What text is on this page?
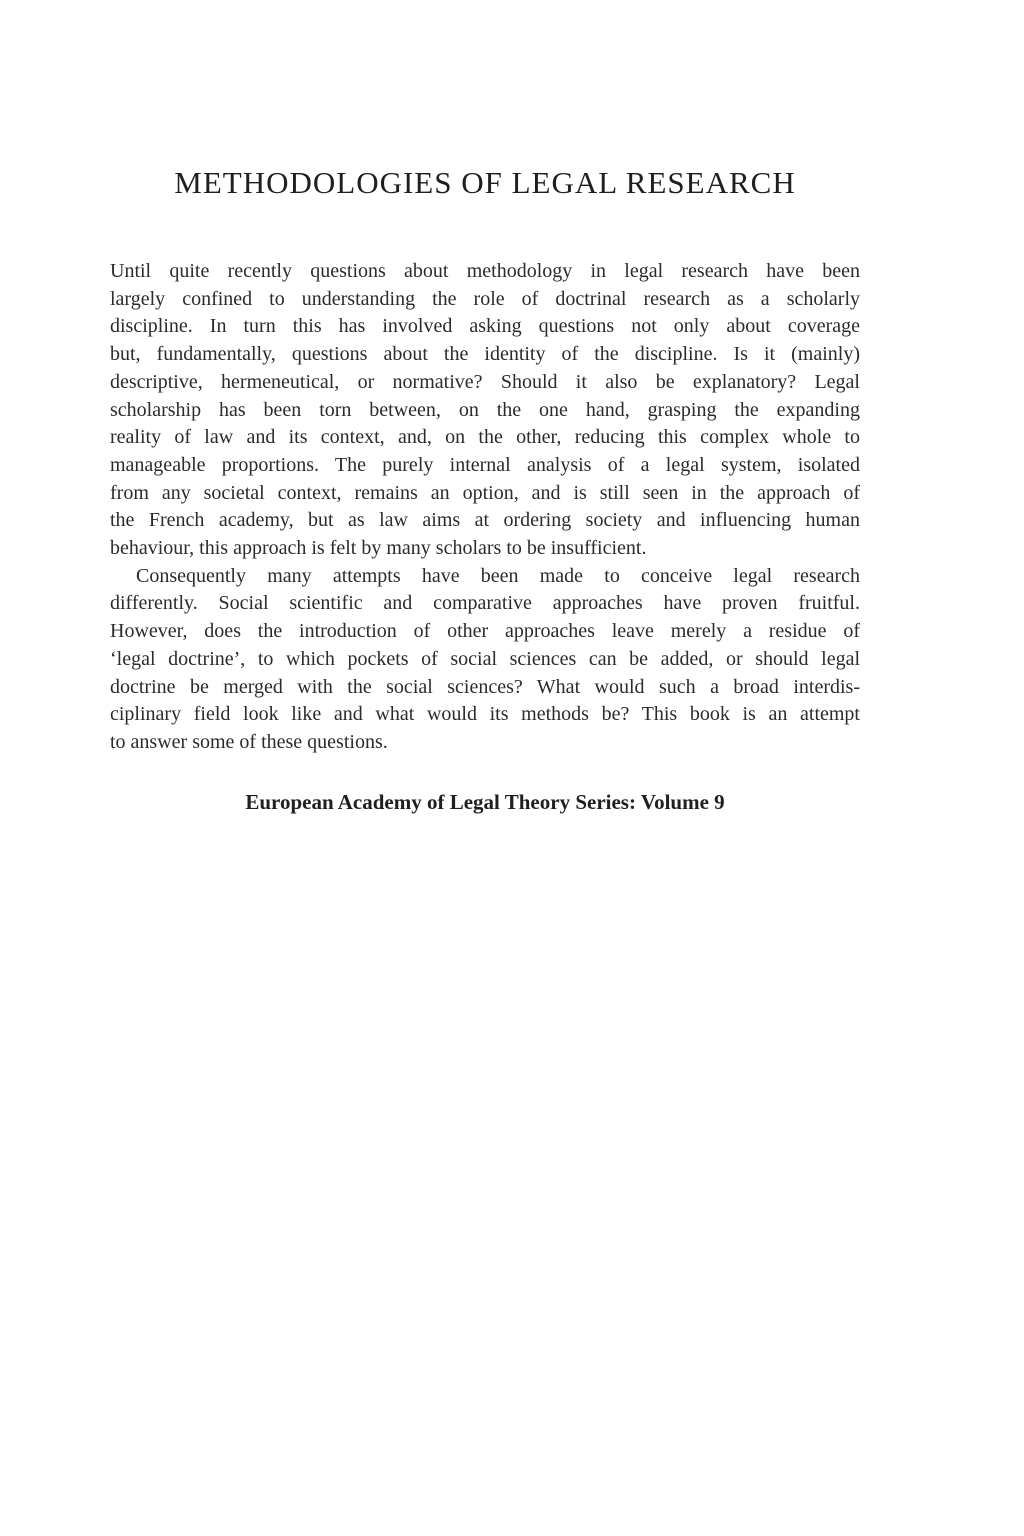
METHODOLOGIES OF LEGAL RESEARCH
Until quite recently questions about methodology in legal research have been
largely confined to understanding the role of doctrinal research as a scholarly
discipline. In turn this has involved asking questions not only about coverage
but, fundamentally, questions about the identity of the discipline. Is it (mainly)
descriptive, hermeneutical, or normative? Should it also be explanatory? Legal
scholarship has been torn between, on the one hand, grasping the expanding
reality of law and its context, and, on the other, reducing this complex whole to
manageable proportions. The purely internal analysis of a legal system, isolated
from any societal context, remains an option, and is still seen in the approach of
the French academy, but as law aims at ordering society and influencing human
behaviour, this approach is felt by many scholars to be insufficient.
Consequently many attempts have been made to conceive legal research
differently. Social scientific and comparative approaches have proven fruitful.
However, does the introduction of other approaches leave merely a residue of
‘legal doctrine’, to which pockets of social sciences can be added, or should legal
doctrine be merged with the social sciences? What would such a broad interdis-
ciplinary field look like and what would its methods be? This book is an attempt
to answer some of these questions.
European Academy of Legal Theory Series: Volume 9
